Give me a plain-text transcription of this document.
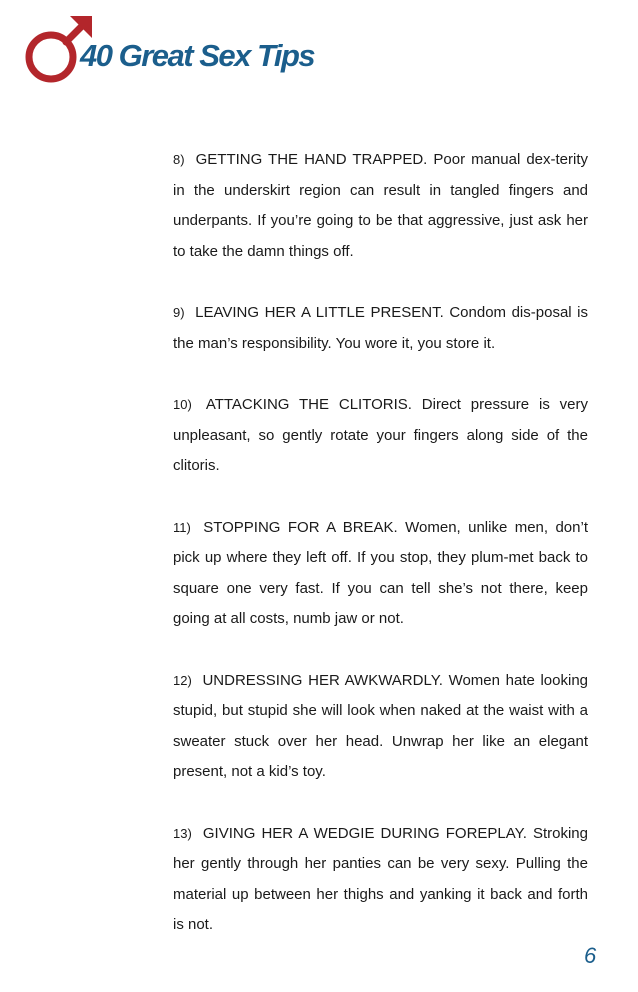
40 Great Sex Tips

8) GETTING THE HAND TRAPPED. Poor manual dex-terity in the underskirt region can result in tangled fingers and underpants. If you’re going to be that aggressive, just ask her to take the damn things off.

9) LEAVING HER A LITTLE PRESENT. Condom dis-posal is the man’s responsibility. You wore it, you store it.

10) ATTACKING THE CLITORIS. Direct pressure is very unpleasant, so gently rotate your fingers along side of the clitoris.

11) STOPPING FOR A BREAK. Women, unlike men, don’t pick up where they left off. If you stop, they plum-met back to square one very fast. If you can tell she’s not there, keep going at all costs, numb jaw or not.

12) UNDRESSING HER AWKWARDLY. Women hate looking stupid, but stupid she will look when naked at the waist with a sweater stuck over her head. Unwrap her like an elegant present, not a kid’s toy.

13) GIVING HER A WEDGIE DURING FOREPLAY. Stroking her gently through her panties can be very sexy. Pulling the material up between her thighs and yanking it back and forth is not.

6
